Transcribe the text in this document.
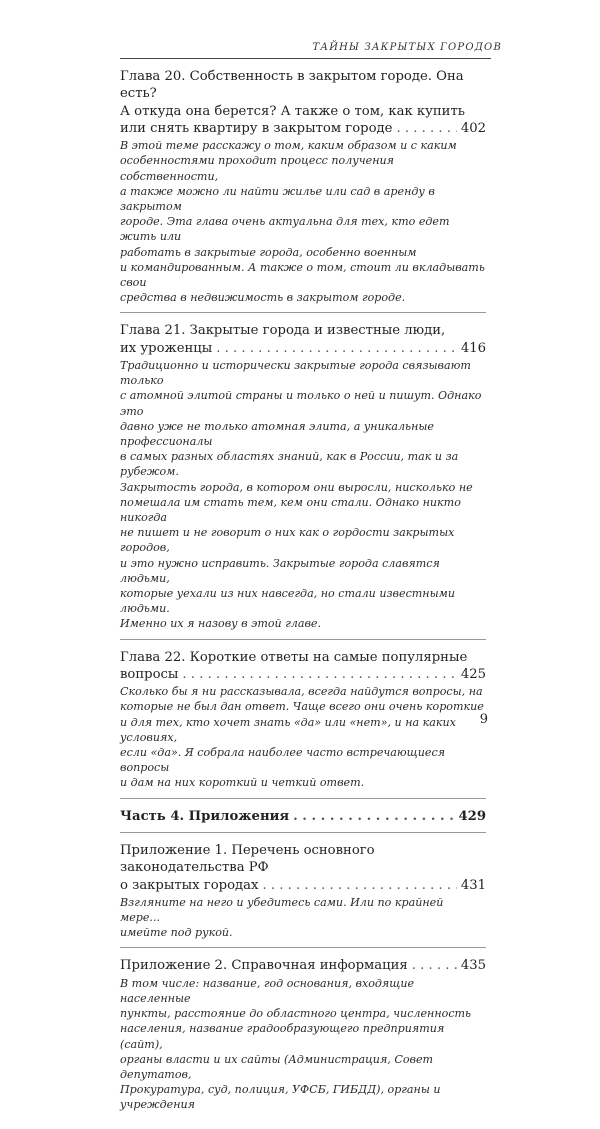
ТАЙНЫ ЗАКРЫТЫХ ГОРОДОВ
Глава 20. Собственность в закрытом городе. Она есть?
А откуда она берется? А также о том, как купить
или снять квартиру в закрытом городе . . .	402
В этой теме расскажу о том, каким образом и с каким
особенностями проходит процесс получения собственности,
а также можно ли найти жилье или сад в аренду в закрытом
городе. Эта глава очень актуальна для тех, кто едет жить или
работать в закрытые города, особенно военным
и командированным. А также о том, стоит ли вкладывать свои
средства в недвижимость в закрытом городе.
Глава 21. Закрытые города и известные люди,
их уроженцы . . .	416
Традиционно и исторически закрытые города связывают только
с атомной элитой страны и только о ней и пишут. Однако это
давно уже не только атомная элита, а уникальные профессионалы
в самых разных областях знаний, как в России, так и за рубежом.
Закрытость города, в котором они выросли, нисколько не
помешала им стать тем, кем они стали. Однако никто никогда
не пишет и не говорит о них как о гордости закрытых городов,
и это нужно исправить. Закрытые города славятся людьми,
которые уехали из них навсегда, но стали известными людьми.
Именно их я назову в этой главе.
Глава 22. Короткие ответы на самые популярные
вопросы . . .	425
Сколько бы я ни рассказывала, всегда найдутся вопросы, на
которые не был дан ответ. Чаще всего они очень короткие
и для тех, кто хочет знать «да» или «нет», и на каких условиях,
если «да». Я собрала наиболее часто встречающиеся вопросы
и дам на них короткий и четкий ответ.
Часть 4. Приложения . . .	429
Приложение 1. Перечень основного законодательства РФ
о закрытых городах . . .	431
Взгляните на него и убедитесь сами. Или по крайней мере...
имейте под рукой.
Приложение 2. Справочная информация . . .	435
В том числе: название, год основания, входящие населенные
пункты, расстояние до областного центра, численность
населения, название градообразующего предприятия (сайт),
органы власти и их сайты (Администрация, Совет депутатов,
Прокуратура, суд, полиция, УФСБ, ГИБДД), органы и учреждения
9
